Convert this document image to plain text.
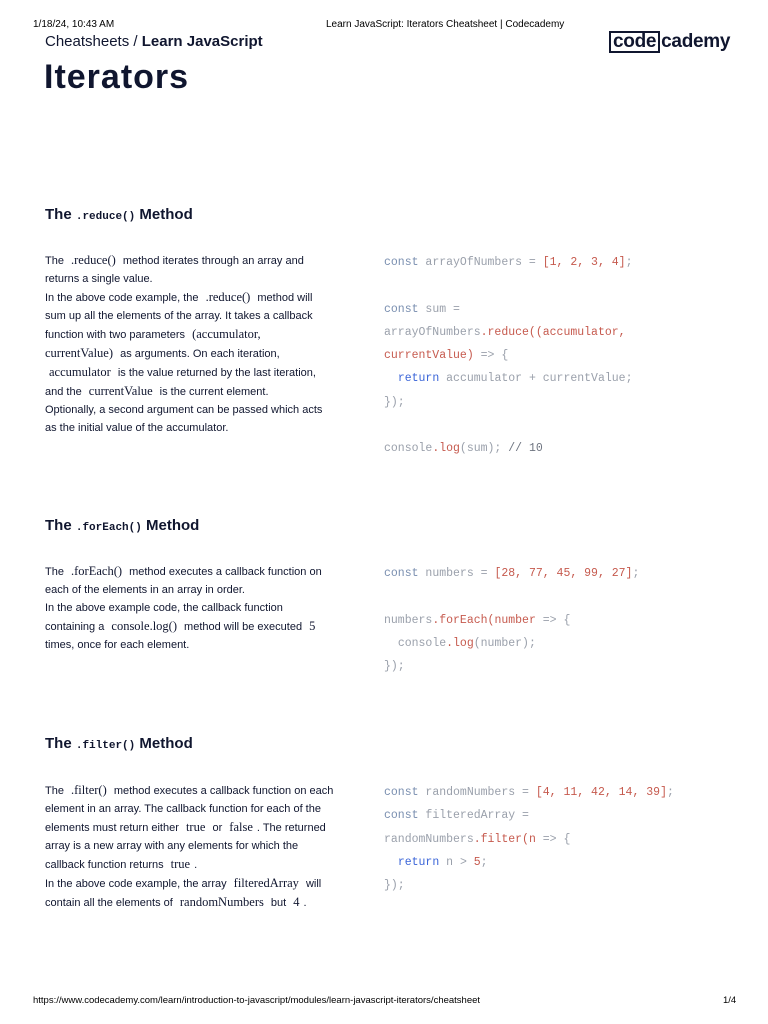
1/18/24, 10:43 AM	Learn JavaScript: Iterators Cheatsheet | Codecademy
Cheatsheets / Learn JavaScript	code cademy
Iterators
The .reduce() Method
The .reduce() method iterates through an array and returns a single value.
In the above code example, the .reduce() method will sum up all the elements of the array. It takes a callback function with two parameters (accumulator, currentValue) as arguments. On each iteration, accumulator is the value returned by the last iteration, and the currentValue is the current element.
Optionally, a second argument can be passed which acts as the initial value of the accumulator.
const arrayOfNumbers = [1, 2, 3, 4];

const sum =
arrayOfNumbers.reduce((accumulator,
currentValue) => {
return accumulator + currentValue;
});

console.log(sum); // 10
The .forEach() Method
The .forEach() method executes a callback function on each of the elements in an array in order.
In the above example code, the callback function containing a console.log() method will be executed 5 times, once for each element.
const numbers = [28, 77, 45, 99, 27];

numbers.forEach(number => {
console.log(number);
});
The .filter() Method
The .filter() method executes a callback function on each element in an array. The callback function for each of the elements must return either true or false . The returned array is a new array with any elements for which the callback function returns true .
In the above code example, the array filteredArray will contain all the elements of randomNumbers but 4 .
const randomNumbers = [4, 11, 42, 14, 39];
const filteredArray =
randomNumbers.filter(n => {
return n > 5;
});
https://www.codecademy.com/learn/introduction-to-javascript/modules/learn-javascript-iterators/cheatsheet	1/4
